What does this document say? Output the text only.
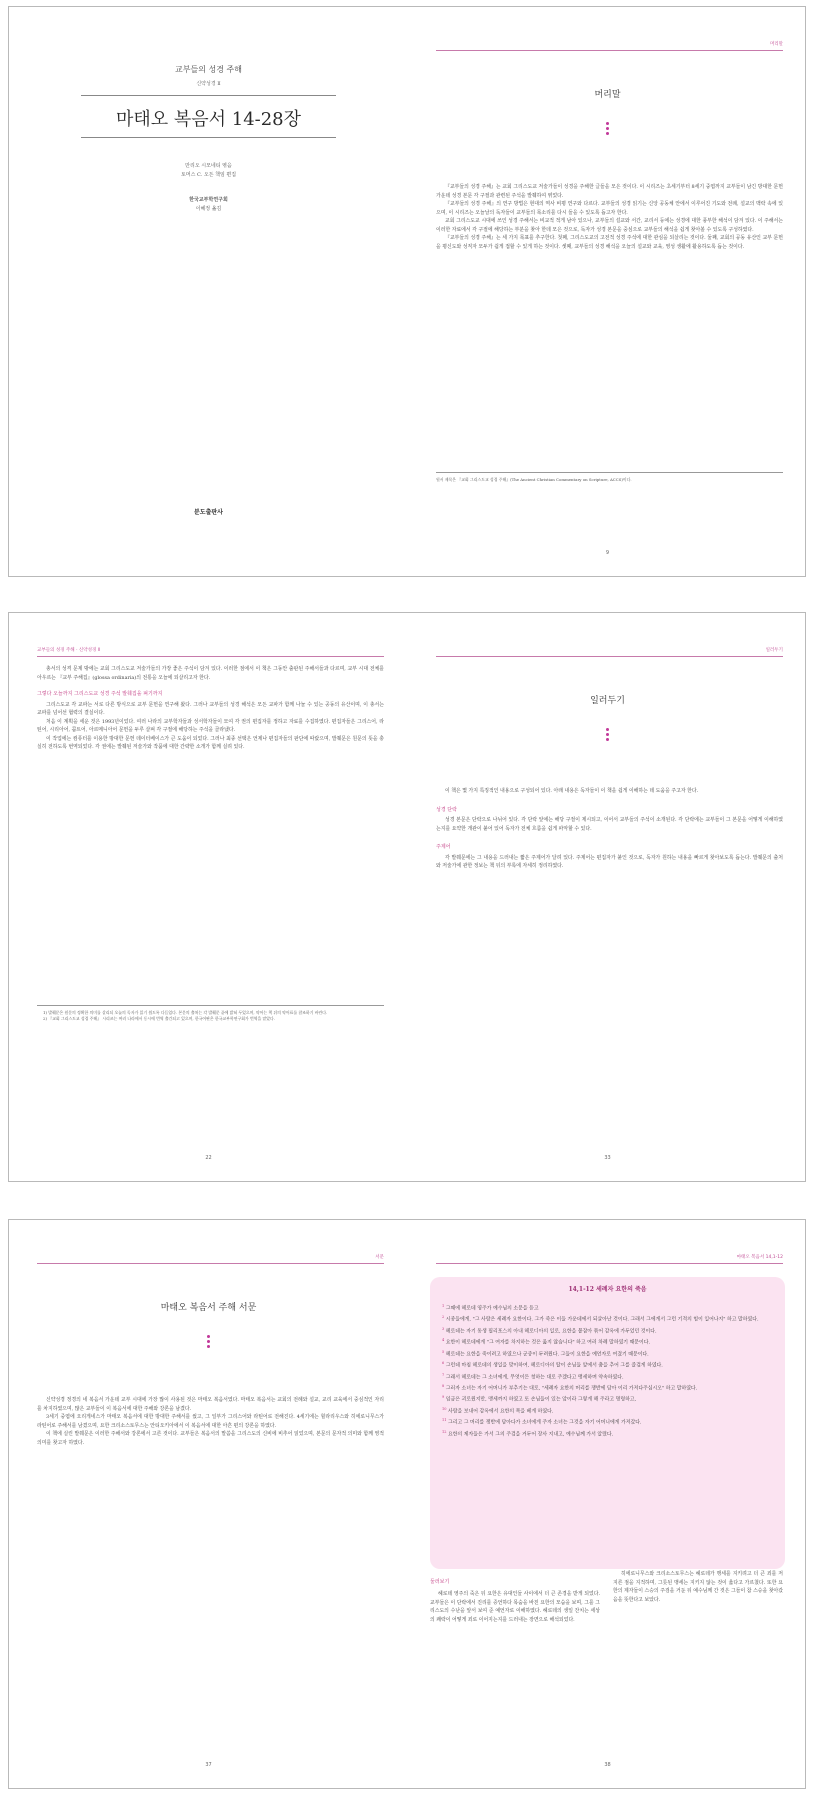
교부들의 성경 주해
신약성경 Ⅱ
마태오 복음서 14-28장
만리오 시모네티 엮음
토머스 C. 오든 책임 편집
한국교부학연구회
이혜정 옮김
분도출판사
머리말
머리말

『교부들의 성경 주해』는 교회 그리스도교 저술가들이 성경을 주해한 글들을 모은 것이다. 이 시리즈는 초세기부터 8세기 중엽까지 교부들이 남긴 방대한 문헌 가운데 성경 본문 각 구절과 관련된 주석을 발췌하여 엮었다.

『교부들의 성경 주해』의 연구 방법은 현대의 역사 비평 연구와 다르다. 교부들의 성경 읽기는 신앙 공동체 안에서 이루어진 기도와 전례, 설교의 맥락 속에 있으며, 이 시리즈는 오늘날의 독자들이 교부들의 목소리를 다시 들을 수 있도록 돕고자 한다.

교회 그리스도교 시대에 쓰인 성경 주해서는 비교적 적게 남아 있으나, 교부들의 설교와 서간, 교리서 등에는 성경에 대한 풍부한 해석이 담겨 있다. 이 주해서는 이러한 자료에서 각 구절에 해당하는 부분을 찾아 한데 모은 것으로, 독자가 성경 본문을 중심으로 교부들의 해석을 쉽게 찾아볼 수 있도록 구성하였다.

『교부들의 성경 주해』는 세 가지 목표를 추구한다. 첫째, 그리스도교의 고전적 성경 주석에 대한 관심을 되살리는 것이다. 둘째, 교회의 공동 유산인 교부 문헌을 평신도와 성직자 모두가 쉽게 접할 수 있게 하는 것이다. 셋째, 교부들의 성경 해석을 오늘의 설교와 교육, 영성 생활에 활용하도록 돕는 것이다.

원서 제목은 『교회 그리스도교 성경 주해』(The Ancient Christian Commentary on Scripture, ACCS)이다.
9
교부들의 성경 주해 · 신약성경 Ⅱ

총서의 성격 문제 밖에는 교회 그리스도교 저술가들의 가장 좋은 주석이 담겨 있다. 이러한 점에서 이 책은 그동안 출판된 주해서들과 다르며, 교부 시대 전체를 아우르는 『교부 주해집』(glossa ordinaria)의 전통을 오늘에 되살리고자 한다.

그렇다 오늘까지 그리스도교 성경 주석 발췌집을 펴기까지

그리스도교 각 교파는 서로 다른 방식으로 교부 문헌을 연구해 왔다. 그러나 교부들의 성경 해석은 모든 교파가 함께 나눌 수 있는 공동의 유산이며, 이 총서는 교파를 넘어선 협력의 결실이다.

처음 이 계획을 세운 것은 1993년이었다. 여러 나라의 교부학자들과 성서학자들이 모여 각 권의 편집자를 정하고 자료를 수집하였다. 편집자들은 그리스어, 라틴어, 시리아어, 콥트어, 아르메니아어 문헌을 두루 살펴 각 구절에 해당하는 주석을 골라냈다.

이 작업에는 컴퓨터를 이용한 방대한 문헌 데이터베이스가 큰 도움이 되었다. 그러나 최종 선택은 언제나 편집자들의 판단에 따랐으며, 발췌문은 원문의 뜻을 충실히 전하도록 번역되었다. 각 권에는 발췌된 저술가와 작품에 대한 간략한 소개가 함께 실려 있다.

1) 발췌문은 원문의 정확한 의미를 살리되 오늘의 독자가 읽기 쉽도록 다듬었다. 본문의 출처는 각 발췌문 끝에 밝혀 두었으며, 약어는 책 뒤의 약어표를 참조하기 바란다.

2) 『교회 그리스도교 성경 주해』 시리즈는 여러 나라에서 동시에 번역 출간되고 있으며, 한국어판은 한국교부학연구회가 번역을 맡았다.

22
일러두기
일러두기

이 책은 몇 가지 특징적인 내용으로 구성되어 있다. 아래 내용은 독자들이 이 책을 쉽게 이해하는 데 도움을 주고자 한다.

성경 단락

성경 본문은 단락으로 나뉘어 있다. 각 단락 앞에는 해당 구절이 제시되고, 이어서 교부들의 주석이 소개된다. 각 단락에는 교부들이 그 본문을 어떻게 이해하였는지를 요약한 개관이 붙어 있어 독자가 전체 흐름을 쉽게 파악할 수 있다.

주제어

각 발췌문에는 그 내용을 드러내는 짧은 주제어가 달려 있다. 주제어는 편집자가 붙인 것으로, 독자가 원하는 내용을 빠르게 찾아보도록 돕는다. 발췌문의 출처와 저술가에 관한 정보는 책 뒤의 부록에 자세히 정리하였다.

33
서문
마태오 복음서 주해 서문

신약성경 정경의 네 복음서 가운데 교부 시대에 가장 많이 사용된 것은 마태오 복음서였다. 마태오 복음서는 교회의 전례와 설교, 교리 교육에서 중심적인 자리를 차지하였으며, 많은 교부들이 이 복음서에 대한 주해와 강론을 남겼다.

3세기 중엽에 오리게네스가 마태오 복음서에 대한 방대한 주해서를 썼고, 그 일부가 그리스어와 라틴어로 전해진다. 4세기에는 힐라리우스와 히에로니무스가 라틴어로 주해서를 남겼으며, 요한 크리소스토무스는 안티오키아에서 이 복음서에 대한 아흔 편의 강론을 하였다.

이 책에 실린 발췌문은 이러한 주해서와 강론에서 고른 것이다. 교부들은 복음서의 말씀을 그리스도의 신비에 비추어 읽었으며, 본문의 문자적 의미와 함께 영적 의미를 찾고자 하였다.

37
마태오 복음서 14,1-12
14,1-12 세례자 요한의 죽음

$^1$ 그때에 헤로데 영주가 예수님의 소문을 듣고

$^2$ 시종들에게, "그 사람은 세례자 요한이다. 그가 죽은 이들 가운데에서 되살아난 것이다. 그래서 그에게서 그런 기적의 힘이 일어나지" 하고 말하였다.

$^3$ 헤로데는 자기 동생 필리포스의 아내 헤로디아의 일로, 요한을 붙잡아 묶어 감옥에 가두었던 것이다.

$^4$ 요한이 헤로데에게 "그 여자를 차지하는 것은 옳지 않습니다" 하고 여러 차례 말하였기 때문이다.

$^5$ 헤로데는 요한을 죽이려고 하였으나 군중이 두려웠다. 그들이 요한을 예언자로 여겼기 때문이다.

$^6$ 그런데 마침 헤로데의 생일을 맞이하여, 헤로디아의 딸이 손님들 앞에서 춤을 추어 그를 즐겁게 하였다.

$^7$ 그래서 헤로데는 그 소녀에게, 무엇이든 청하는 대로 주겠다고 맹세하며 약속하였다.

$^8$ 그러자 소녀는 자기 어머니가 부추기는 대로, "세례자 요한의 머리를 쟁반에 담아 이리 가져다주십시오" 하고 말하였다.

$^9$ 임금은 괴로웠지만, 맹세까지 하였고 또 손님들이 있는 앞이라 그렇게 해 주라고 명령하고,

$^{10}$ 사람을 보내어 감옥에서 요한의 목을 베게 하였다.

$^{11}$ 그리고 그 머리를 쟁반에 담아다가 소녀에게 주자 소녀는 그것을 자기 어머니에게 가져갔다.

$^{12}$ 요한의 제자들은 가서 그의 주검을 거두어 장사 지내고, 예수님께 가서 알렸다.

둘러보기

헤로데 영주의 죽은 뒤 요한은 유대인들 사이에서 더 큰 존경을 받게 되었다. 교부들은 이 단락에서 진리를 증언하다 목숨을 바친 요한의 모습을 보며, 그를 그리스도의 수난을 앞서 보여 준 예언자로 이해하였다. 헤로데의 생일 잔치는 세상의 쾌락이 어떻게 죄로 이어지는지를 드러내는 장면으로 해석되었다.

히에로니무스와 크리소스토무스는 헤로데가 맹세를 지키려고 더 큰 죄를 저지른 점을 지적하며, 그릇된 맹세는 지키지 않는 것이 옳다고 가르쳤다. 또한 요한의 제자들이 스승의 주검을 거둔 뒤 예수님께 간 것은 그들이 참 스승을 찾아갔음을 뜻한다고 보았다.

38
